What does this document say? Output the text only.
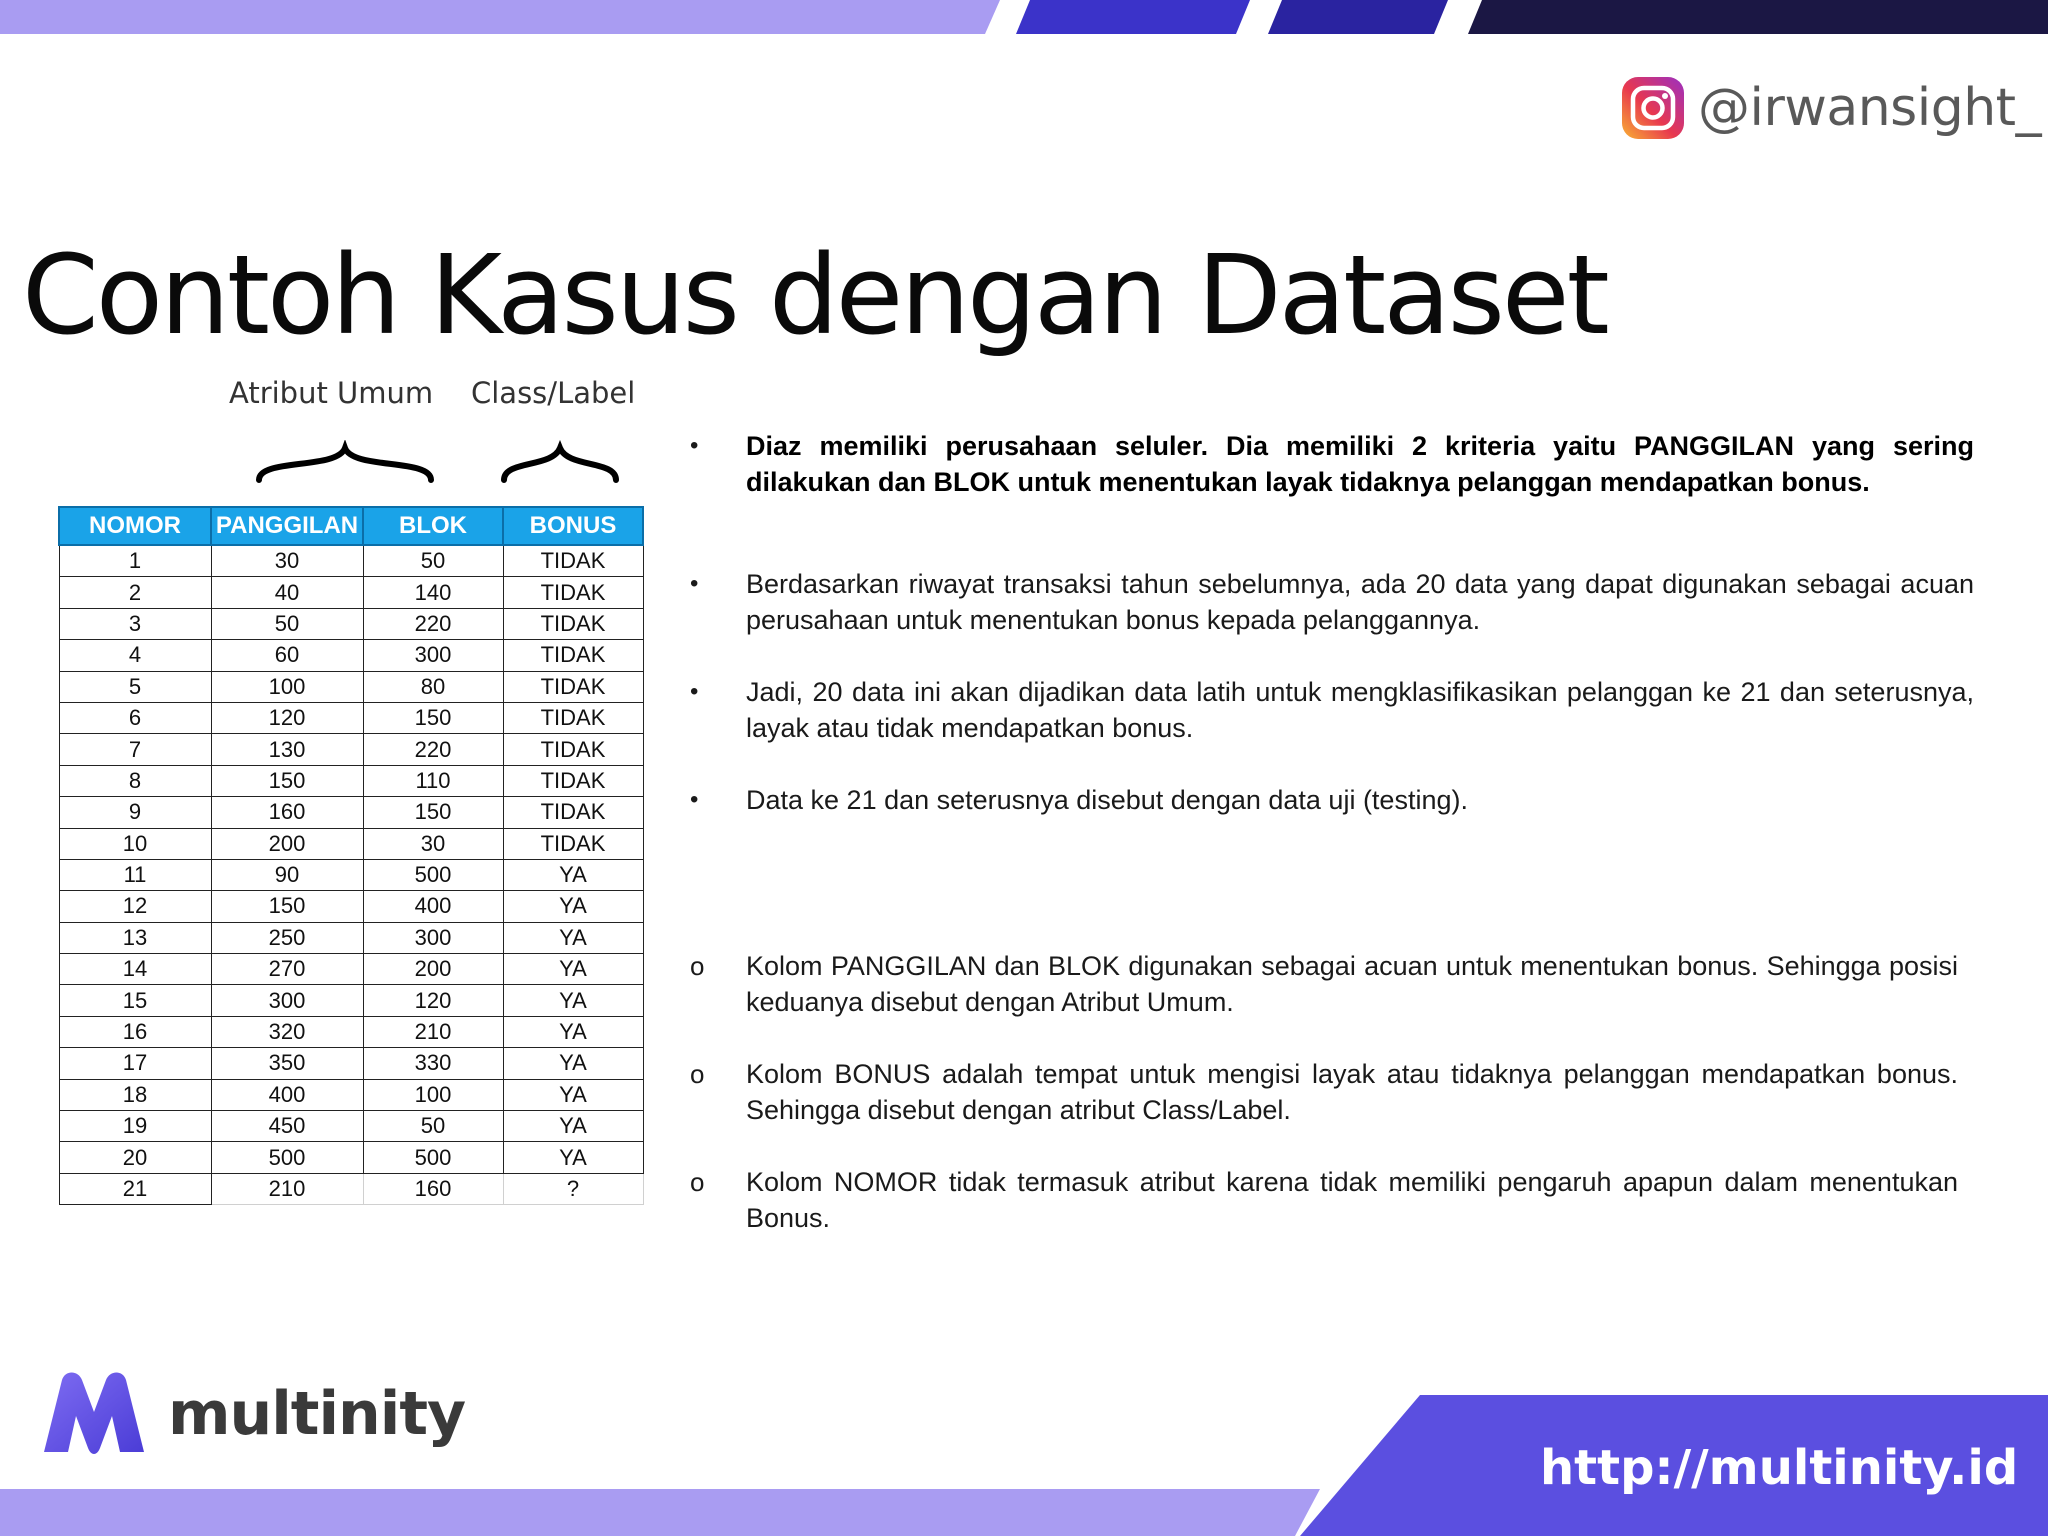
@irwansight_
Contoh Kasus dengan Dataset
Atribut Umum Class/Label
NOMOR	PANGGILAN	BLOK	BONUS
1	30	50	TIDAK
2	40	140	TIDAK
3	50	220	TIDAK
4	60	300	TIDAK
5	100	80	TIDAK
6	120	150	TIDAK
7	130	220	TIDAK
8	150	110	TIDAK
9	160	150	TIDAK
10	200	30	TIDAK
11	90	500	YA
12	150	400	YA
13	250	300	YA
14	270	200	YA
15	300	120	YA
16	320	210	YA
17	350	330	YA
18	400	100	YA
19	450	50	YA
20	500	500	YA
21	210	160	?
•	Diaz memiliki perusahaan seluler. Dia memiliki 2 kriteria yaitu PANGGILAN yang sering dilakukan dan BLOK untuk menentukan layak tidaknya pelanggan mendapatkan bonus.
•	Berdasarkan riwayat transaksi tahun sebelumnya, ada 20 data yang dapat digunakan sebagai acuan perusahaan untuk menentukan bonus kepada pelanggannya.
•	Jadi, 20 data ini akan dijadikan data latih untuk mengklasifikasikan pelanggan ke 21 dan seterusnya, layak atau tidak mendapatkan bonus.
•	Data ke 21 dan seterusnya disebut dengan data uji (testing).
o	Kolom PANGGILAN dan BLOK digunakan sebagai acuan untuk menentukan bonus. Sehingga posisi keduanya disebut dengan Atribut Umum.
o	Kolom BONUS adalah tempat untuk mengisi layak atau tidaknya pelanggan mendapatkan bonus. Sehingga disebut dengan atribut Class/Label.
o	Kolom NOMOR tidak termasuk atribut karena tidak memiliki pengaruh apapun dalam menentukan Bonus.
multinity
http://multinity.id
